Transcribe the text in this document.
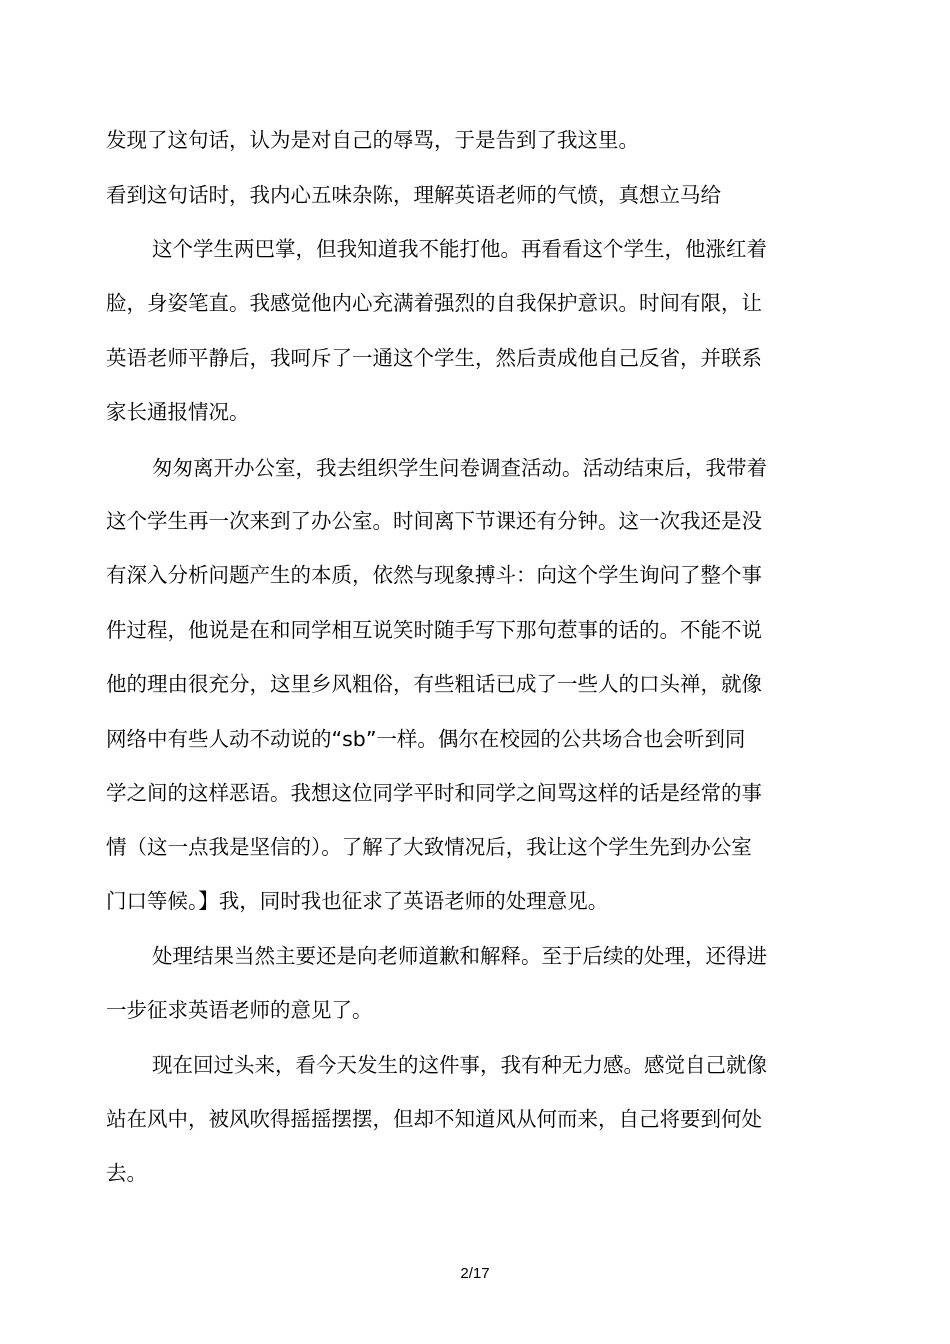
发现了这句话，认为是对自己的辱骂，于是告到了我这里。
看到这句话时，我内心五味杂陈，理解英语老师的气愤，真想立马给
这个学生两巴掌，但我知道我不能打他。再看看这个学生，他涨红着
脸，身姿笔直。我感觉他内心充满着强烈的自我保护意识。时间有限，让
英语老师平静后，我呵斥了一通这个学生，然后责成他自己反省，并联系
家长通报情况。
匆匆离开办公室，我去组织学生问卷调查活动。活动结束后，我带着
这个学生再一次来到了办公室。时间离下节课还有分钟。这一次我还是没
有深入分析问题产生的本质，依然与现象搏斗：向这个学生询问了整个事
件过程，他说是在和同学相互说笑时随手写下那句惹事的话的。不能不说
他的理由很充分，这里乡风粗俗，有些粗话已成了一些人的口头禅，就像
网络中有些人动不动说的“sb”一样。偶尔在校园的公共场合也会听到同
学之间的这样恶语。我想这位同学平时和同学之间骂这样的话是经常的事
情（这一点我是坚信的）。了解了大致情况后，我让这个学生先到办公室
门口等候。】我，同时我也征求了英语老师的处理意见。
处理结果当然主要还是向老师道歉和解释。至于后续的处理，还得进
一步征求英语老师的意见了。
现在回过头来，看今天发生的这件事，我有种无力感。感觉自己就像
站在风中，被风吹得摇摇摆摆，但却不知道风从何而来，自己将要到何处
去。
2/17
